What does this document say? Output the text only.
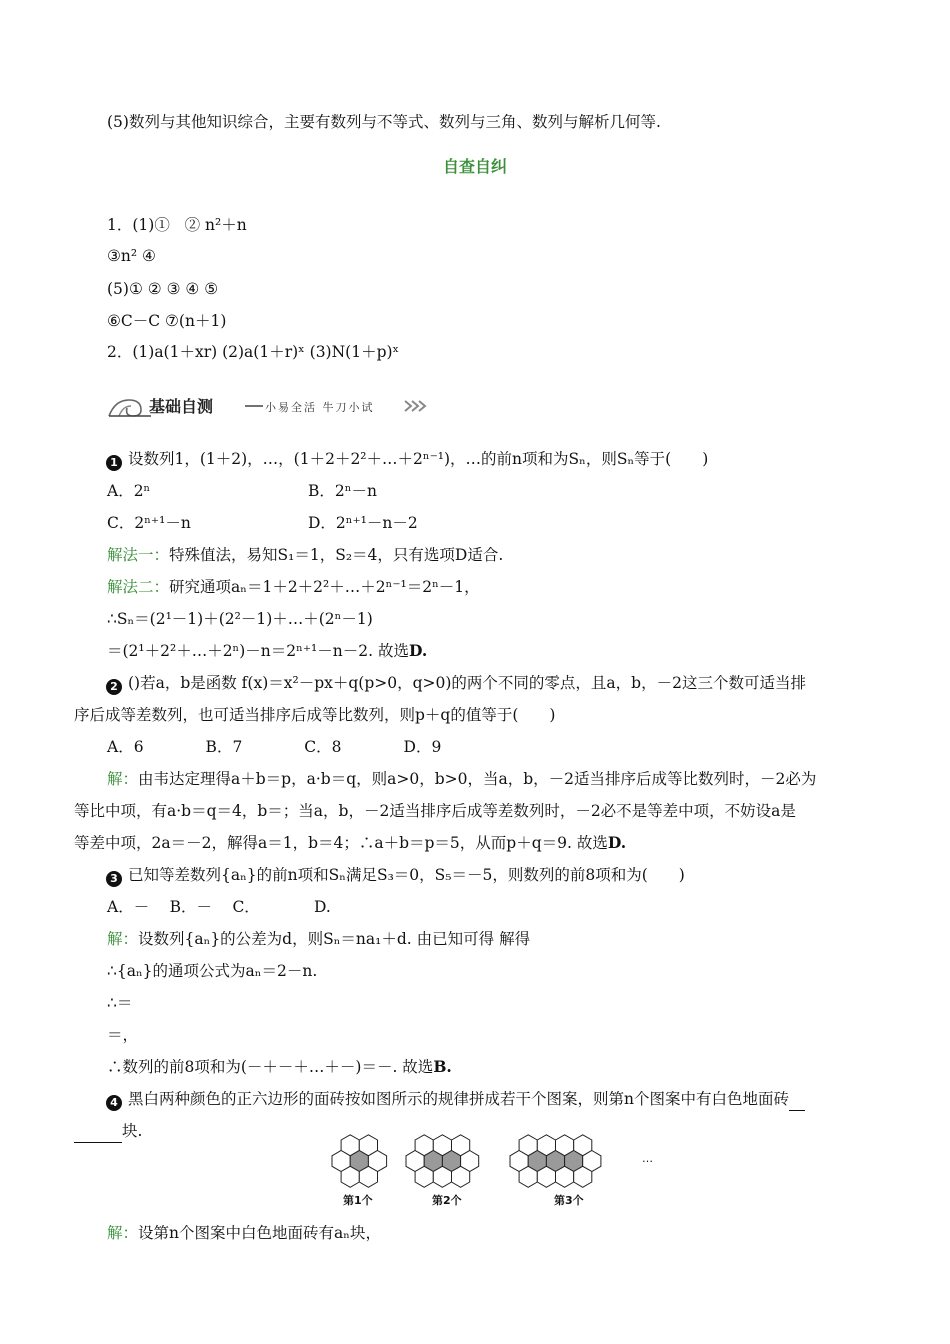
(5)数列与其他知识综合，主要有数列与不等式、数列与三角、数列与解析几何等.
自查自纠
1．(1)①   ② n²＋n
③n² ④
(5)① ② ③ ④ ⑤
⑥C－C ⑦(n＋1)
2．(1)a(1＋xr) (2)a(1＋r)ˣ (3)N(1＋p)ˣ
基础自测	小易全活 牛刀小试
1 设数列1，(1＋2)，…，(1＋2＋2²＋…＋2ⁿ⁻¹)，…的前n项和为Sₙ，则Sₙ等于(　　)
A．2ⁿ	B．2ⁿ－n
C．2ⁿ⁺¹－n	D．2ⁿ⁺¹－n－2
解法一：特殊值法，易知S₁＝1，S₂＝4，只有选项D适合.
解法二：研究通项aₙ＝1＋2＋2²＋…＋2ⁿ⁻¹＝2ⁿ－1，
∴Sₙ＝(2¹－1)＋(2²－1)＋…＋(2ⁿ－1)
＝(2¹＋2²＋…＋2ⁿ)－n＝2ⁿ⁺¹－n－2. 故选D.
2 ()若a，b是函数 f(x)＝x²－px＋q(p>0，q>0)的两个不同的零点，且a，b，－2这三个数可适当排
序后成等差数列，也可适当排序后成等比数列，则p＋q的值等于(　　)
A．6　　　　B．7　　　　C．8　　　　D．9
解：由韦达定理得a＋b＝p，a·b＝q，则a>0，b>0，当a，b，－2适当排序后成等比数列时，－2必为
等比中项，有a·b＝q＝4，b＝；当a，b，－2适当排序后成等差数列时，－2必不是等差中项，不妨设a是
等差中项，2a＝－2，解得a＝1，b＝4；∴a＋b＝p＝5，从而p＋q＝9. 故选D.
3 已知等差数列{aₙ}的前n项和Sₙ满足S₃＝0，S₅＝－5，则数列的前8项和为(　　)
A．－　 B．－　 C．　　　　D.
解：设数列{aₙ}的公差为d，则Sₙ＝na₁＋d. 由已知可得 解得
∴{aₙ}的通项公式为aₙ＝2－n.
∴＝
＝，
∴数列的前8项和为(－＋－＋…＋－)＝－. 故选B.
4 黑白两种颜色的正六边形的面砖按如图所示的规律拼成若干个图案，则第n个图案中有白色地面砖
块.
第1个	第2个	第3个
…
解：设第n个图案中白色地面砖有aₙ块，
